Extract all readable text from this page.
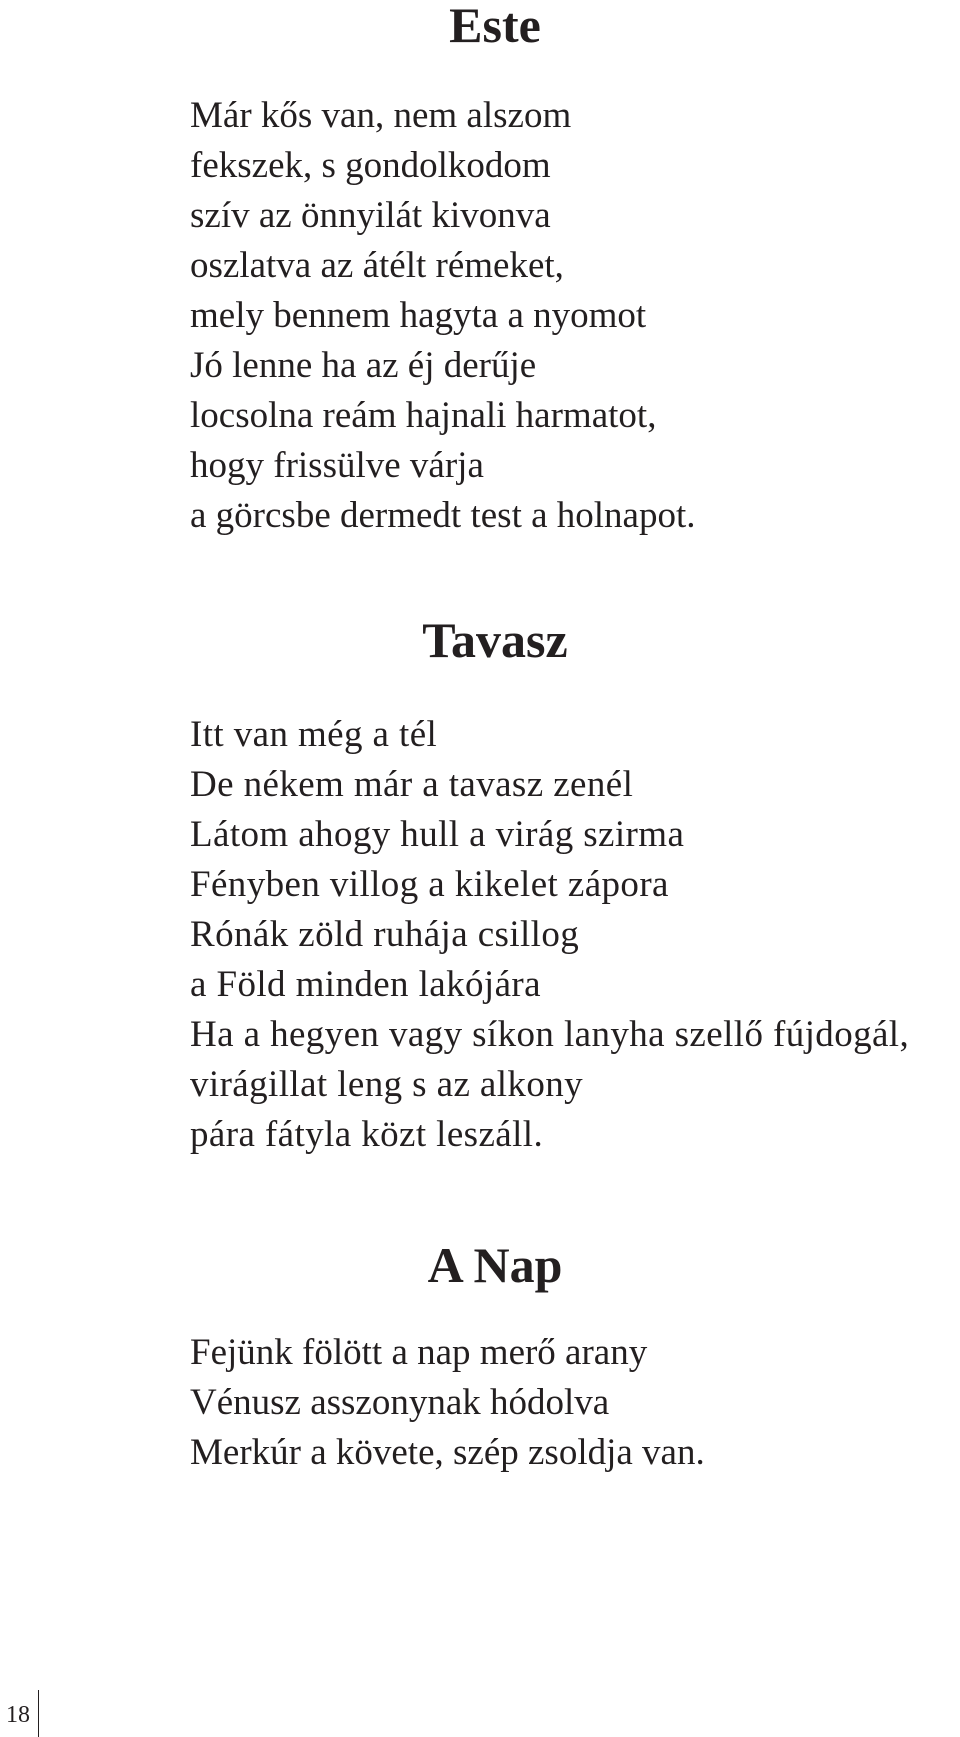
Este
Már kős van, nem alszom
fekszek, s gondolkodom
szív az önnyilát kivonva
oszlatva az átélt rémeket,
mely bennem hagyta a nyomot
Jó lenne ha az éj derűje
locsolna reám hajnali harmatot,
hogy frissülve várja
a görcsbe dermedt test a holnapot.
Tavasz
Itt van még a tél
De nékem már a tavasz zenél
Látom ahogy hull a virág szirma
Fényben villog a kikelet zápora
Rónák zöld ruhája csillog
a Föld minden lakójára
Ha a hegyen vagy síkon lanyha szellő fújdogál,
virágillat leng s az alkony
pára fátyla közt leszáll.
A Nap
Fejünk fölött a nap merő arany
Vénusz asszonynak hódolva
Merkúr a követe, szép zsoldja van.
18
